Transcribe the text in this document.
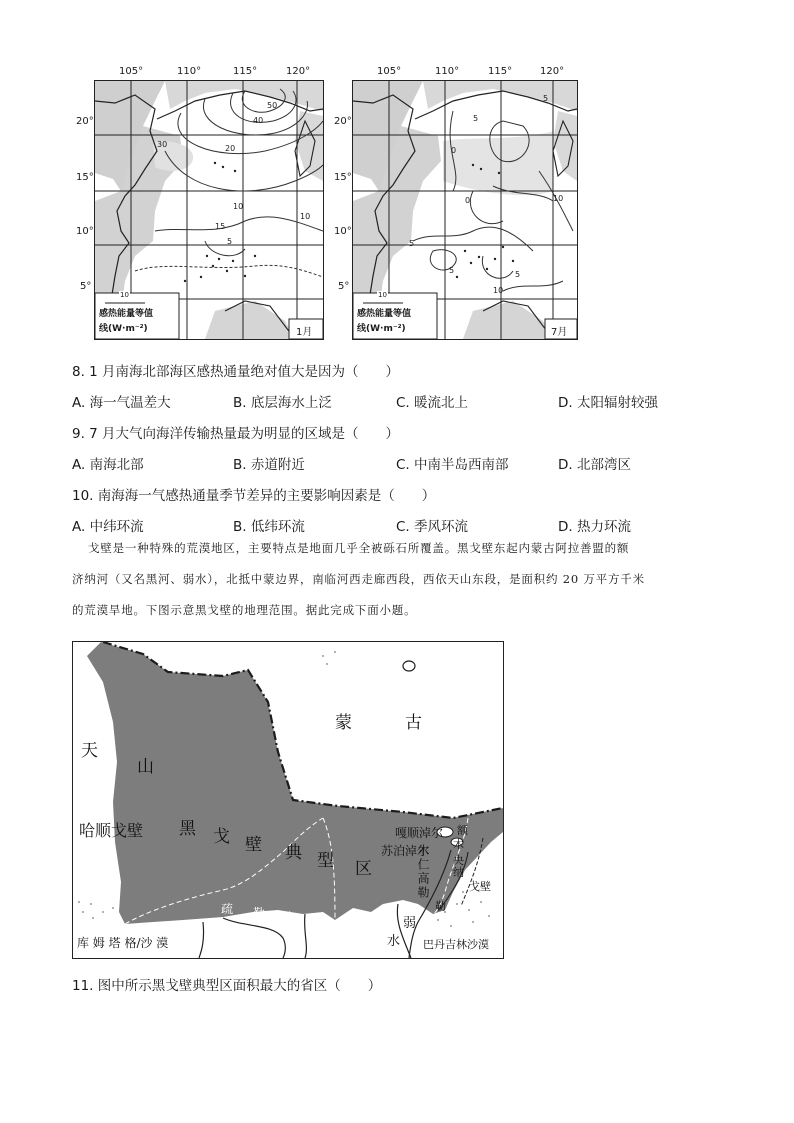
105°	110°	115°	120°
20°
15°
10°
5°
50
40
30	20
10
10
5
15
10
感热能量等值
线(W·m⁻²)	1月
105°	110°	115°	120°
20°
15°
10°
5°
5
5
0
0
5
10
5
10
5
10
感热能量等值
线(W·m⁻²)	7月
8. 1 月南海北部海区感热通量绝对值大是因为（　　）
A. 海一气温差大	B. 底层海水上泛	C. 暖流北上	D. 太阳辐射较强
9. 7 月大气向海洋传输热量最为明显的区域是（　　）
A. 南海北部	B. 赤道附近	C. 中南半岛西南部	D. 北部湾区
10. 南海海一气感热通量季节差异的主要影响因素是（　　）
A. 中纬环流	B. 低纬环流	C. 季风环流	D. 热力环流
戈壁是一种特殊的荒漠地区，主要特点是地面几乎全被砾石所覆盖。黑戈壁东起内蒙古阿拉善盟的额
济纳河（又名黑河、弱水），北抵中蒙边界，南临河西走廊西段，西依天山东段，是面积约 20 万平方千米
的荒漠旱地。下图示意黑戈壁的地理范围。据此完成下面小题。
蒙	古
天
山
哈顺戈壁 黑 戈 壁 典 型 区
嘎顺淖尔
苏泊淖尔
木仁高勒
额
木
央
纳
戈壁
勒
疏 勒 河	弱
水
库 姆 塔 格/沙 漠	巴丹吉林沙漠
11. 图中所示黑戈壁典型区面积最大的省区（　　）
